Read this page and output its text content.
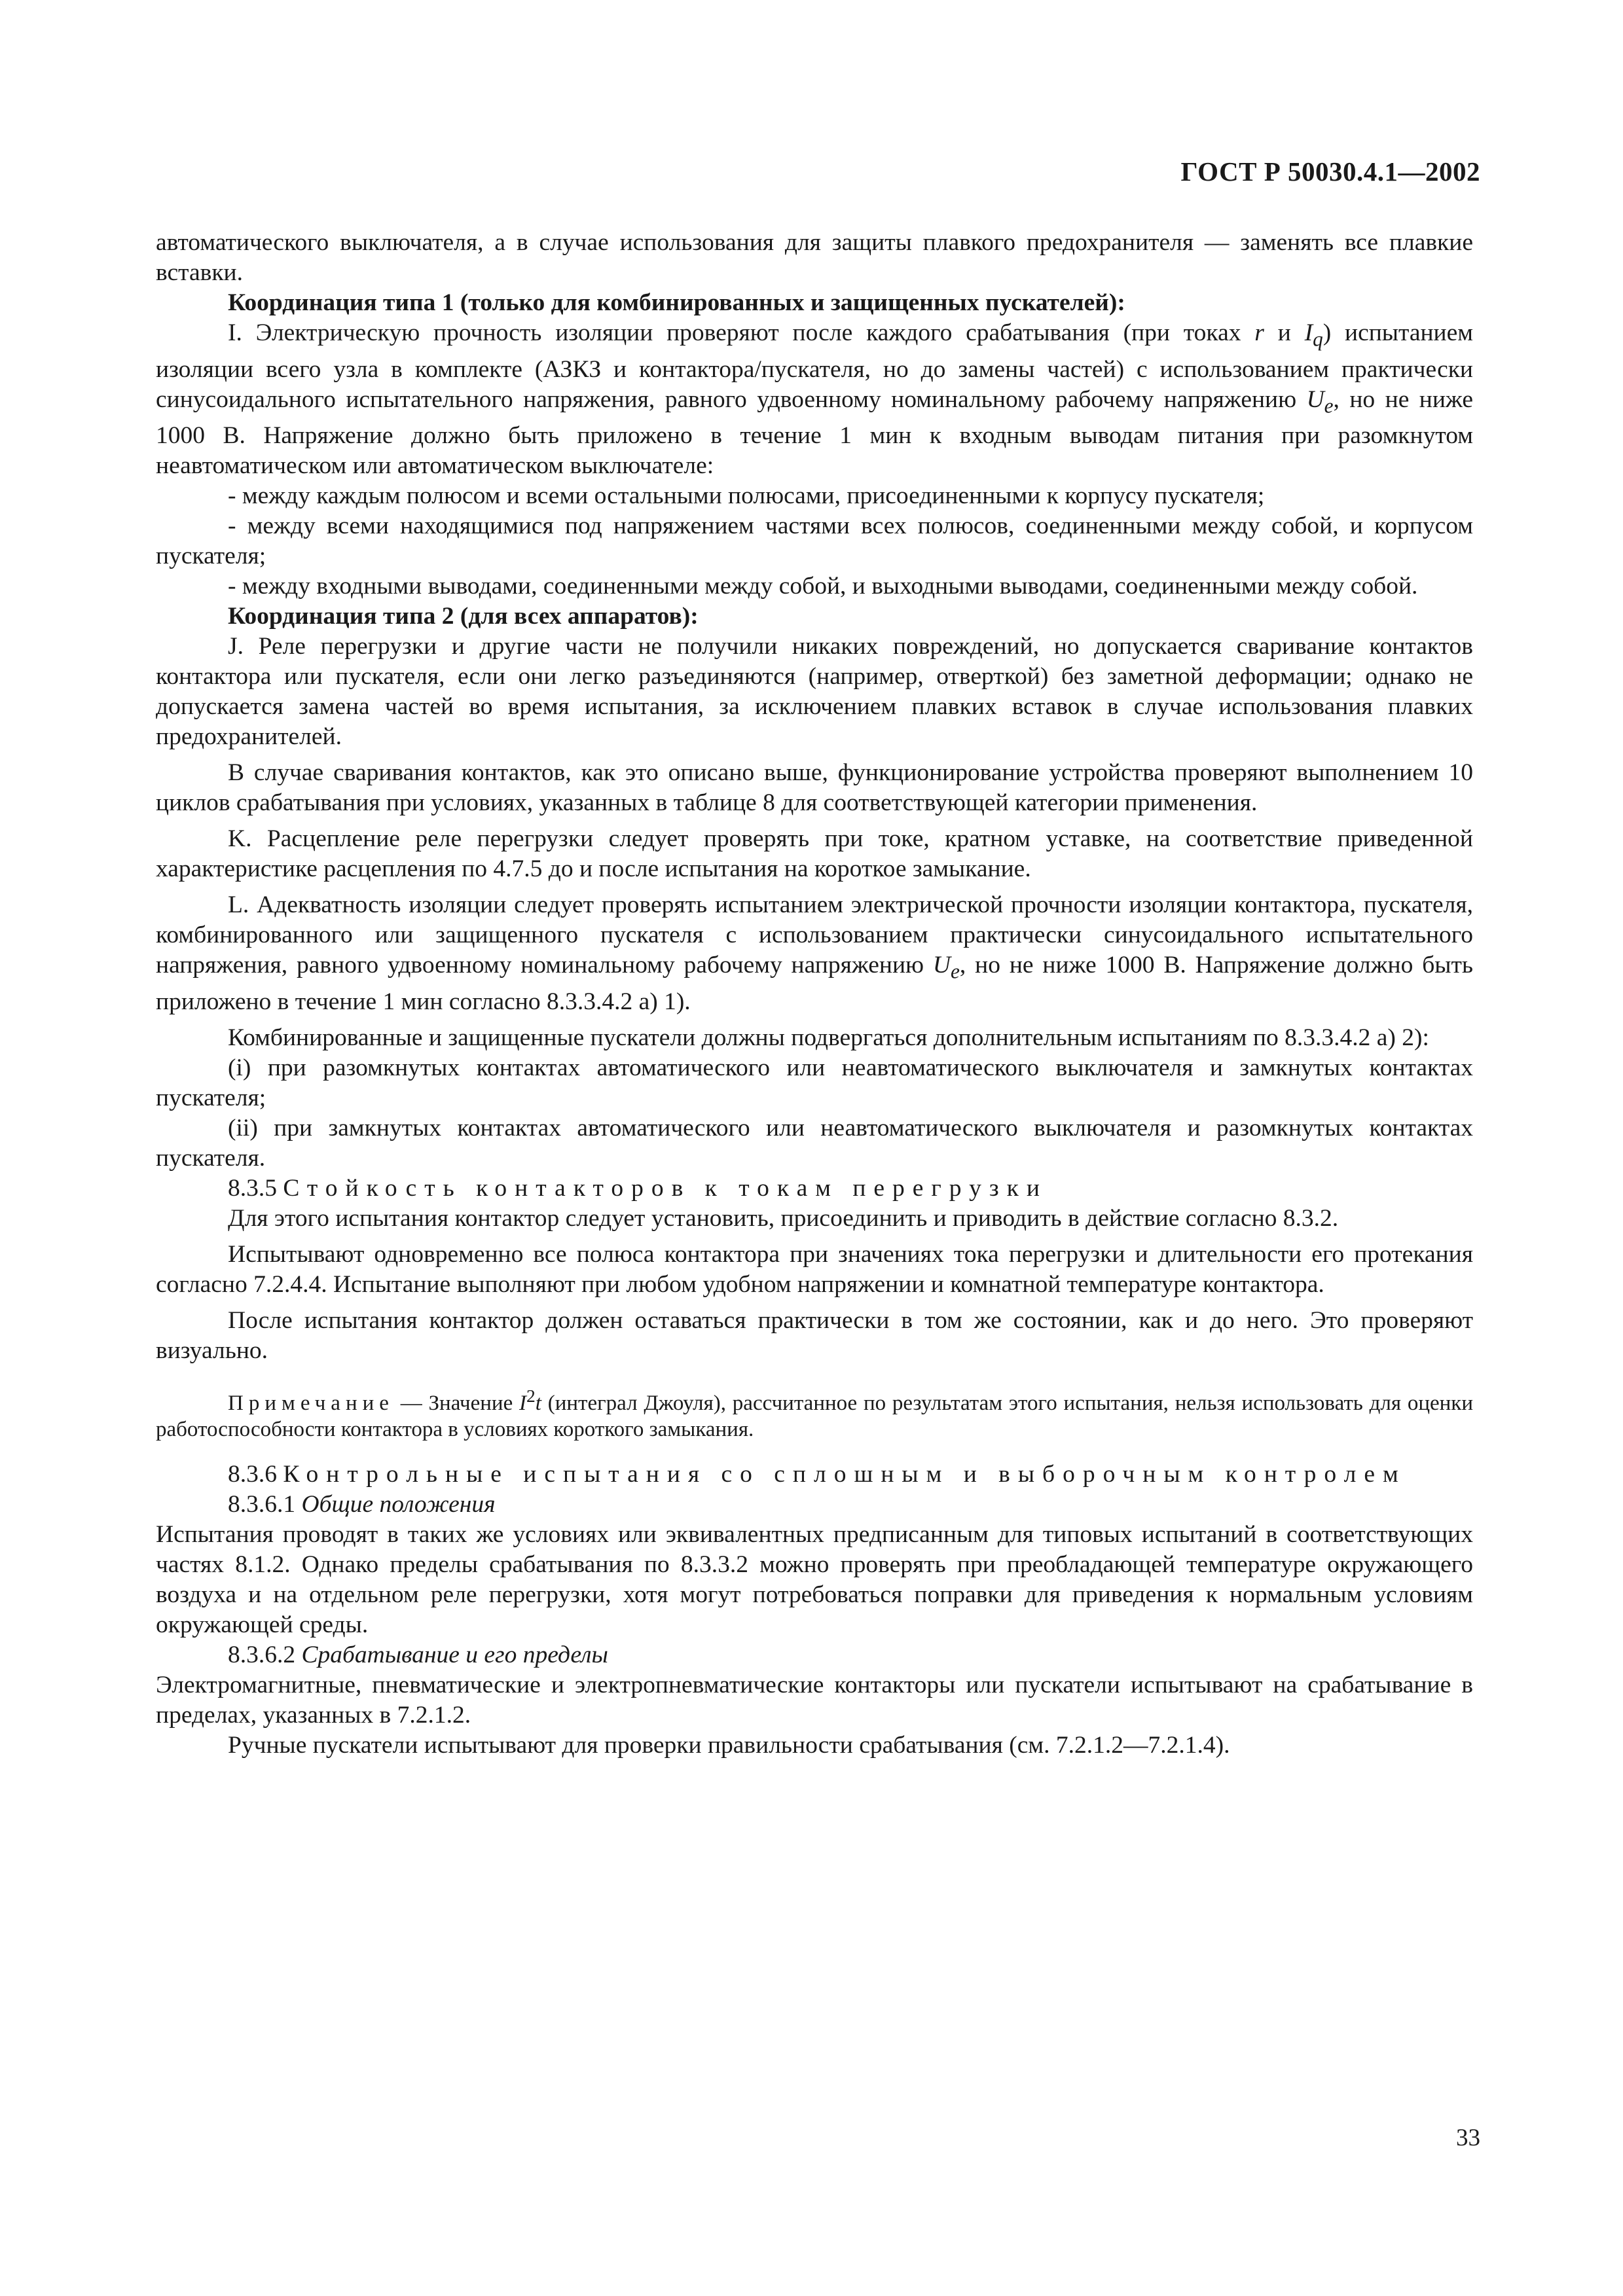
ГОСТ Р 50030.4.1—2002

автоматического выключателя, а в случае использования для защиты плавкого предохранителя — заменять все плавкие вставки.

Координация типа 1 (только для комбинированных и защищенных пускателей):

I. Электрическую прочность изоляции проверяют после каждого срабатывания (при токах r и $I_q$) испытанием изоляции всего узла в комплекте (АЗКЗ и контактора/пускателя, но до замены частей) с использованием практически синусоидального испытательного напряжения, равного удвоенному номинальному рабочему напряжению $U_e$, но не ниже 1000 В. Напряжение должно быть приложено в течение 1 мин к входным выводам питания при разомкнутом неавтоматическом или автоматическом выключателе:

- между каждым полюсом и всеми остальными полюсами, присоединенными к корпусу пускателя;

- между всеми находящимися под напряжением частями всех полюсов, соединенными между собой, и корпусом пускателя;

- между входными выводами, соединенными между собой, и выходными выводами, соединенными между собой.

Координация типа 2 (для всех аппаратов):

J. Реле перегрузки и другие части не получили никаких повреждений, но допускается сваривание контактов контактора или пускателя, если они легко разъединяются (например, отверткой) без заметной деформации; однако не допускается замена частей во время испытания, за исключением плавких вставок в случае использования плавких предохранителей.

В случае сваривания контактов, как это описано выше, функционирование устройства проверяют выполнением 10 циклов срабатывания при условиях, указанных в таблице 8 для соответствующей категории применения.

K. Расцепление реле перегрузки следует проверять при токе, кратном уставке, на соответствие приведенной характеристике расцепления по 4.7.5 до и после испытания на короткое замыкание.

L. Адекватность изоляции следует проверять испытанием электрической прочности изоляции контактора, пускателя, комбинированного или защищенного пускателя с использованием практически синусоидального испытательного напряжения, равного удвоенному номинальному рабочему напряжению $U_e$, но не ниже 1000 В. Напряжение должно быть приложено в течение 1 мин согласно 8.3.3.4.2 а) 1).

Комбинированные и защищенные пускатели должны подвергаться дополнительным испытаниям по 8.3.3.4.2 а) 2):

(i) при разомкнутых контактах автоматического или неавтоматического выключателя и замкнутых контактах пускателя;

(ii) при замкнутых контактах автоматического или неавтоматического выключателя и разомкнутых контактах пускателя.

8.3.5 Стойкость контакторов к токам перегрузки

Для этого испытания контактор следует установить, присоединить и приводить в действие согласно 8.3.2.

Испытывают одновременно все полюса контактора при значениях тока перегрузки и длительности его протекания согласно 7.2.4.4. Испытание выполняют при любом удобном напряжении и комнатной температуре контактора.

После испытания контактор должен оставаться практически в том же состоянии, как и до него. Это проверяют визуально.

Примечание — Значение $I^2t$ (интеграл Джоуля), рассчитанное по результатам этого испытания, нельзя использовать для оценки работоспособности контактора в условиях короткого замыкания.

8.3.6 Контрольные испытания со сплошным и выборочным контролем

8.3.6.1 Общие положения

Испытания проводят в таких же условиях или эквивалентных предписанным для типовых испытаний в соответствующих частях 8.1.2. Однако пределы срабатывания по 8.3.3.2 можно проверять при преобладающей температуре окружающего воздуха и на отдельном реле перегрузки, хотя могут потребоваться поправки для приведения к нормальным условиям окружающей среды.

8.3.6.2 Срабатывание и его пределы

Электромагнитные, пневматические и электропневматические контакторы или пускатели испытывают на срабатывание в пределах, указанных в 7.2.1.2.

Ручные пускатели испытывают для проверки правильности срабатывания (см. 7.2.1.2—7.2.1.4).

33
